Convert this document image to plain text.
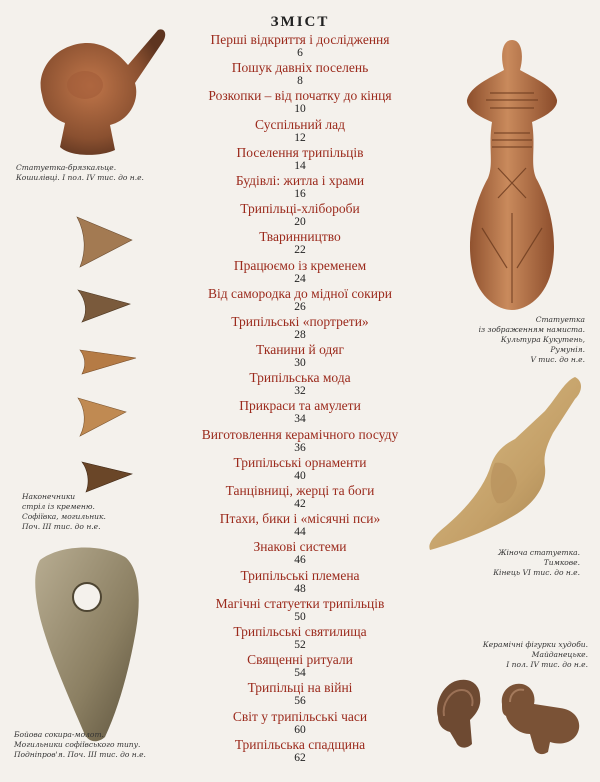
ЗМІСТ
Перші відкриття і дослідження
6
Пошук давніх поселень
8
Розкопки – від початку до кінця
10
Суспільний лад
12
Поселення трипільців
14
Будівлі: житла і храми
16
Трипільці-хлібороби
20
Тваринництво
22
Працюємо із кременем
24
Від самородка до мідної сокири
26
Трипільські «портрети»
28
Тканини й одяг
30
Трипільська мода
32
Прикраси та амулети
34
Виготовлення керамічного посуду
36
Трипільські орнаменти
40
Танцівниці, жерці та боги
42
Птахи, бики і «місячні пси»
44
Знакові системи
46
Трипільські племена
48
Магічні статуетки трипільців
50
Трипільські святилища
52
Священні ритуали
54
Трипільці на війні
56
Світ у трипільські часи
60
Трипільська спадщина
62
Статуетка-брязкальце.
Кошилівці. І пол. IV тис. до н.е.
Наконечники
стріл із кременю.
Софіївка, могильник.
Поч. III тис. до н.е.
Бойова сокира-молот.
Могильники софіївського типу.
Подніпров'я. Поч. III тис. до н.е.
Статуетка
із зображенням намиста.
Культура Кукутень, Румунія.
V тис. до н.е.
Жіноча статуетка.
Тимкове.
Кінець VI тис. до н.е.
Керамічні фігурки худоби.
Майданецьке.
І пол. IV тис. до н.е.
